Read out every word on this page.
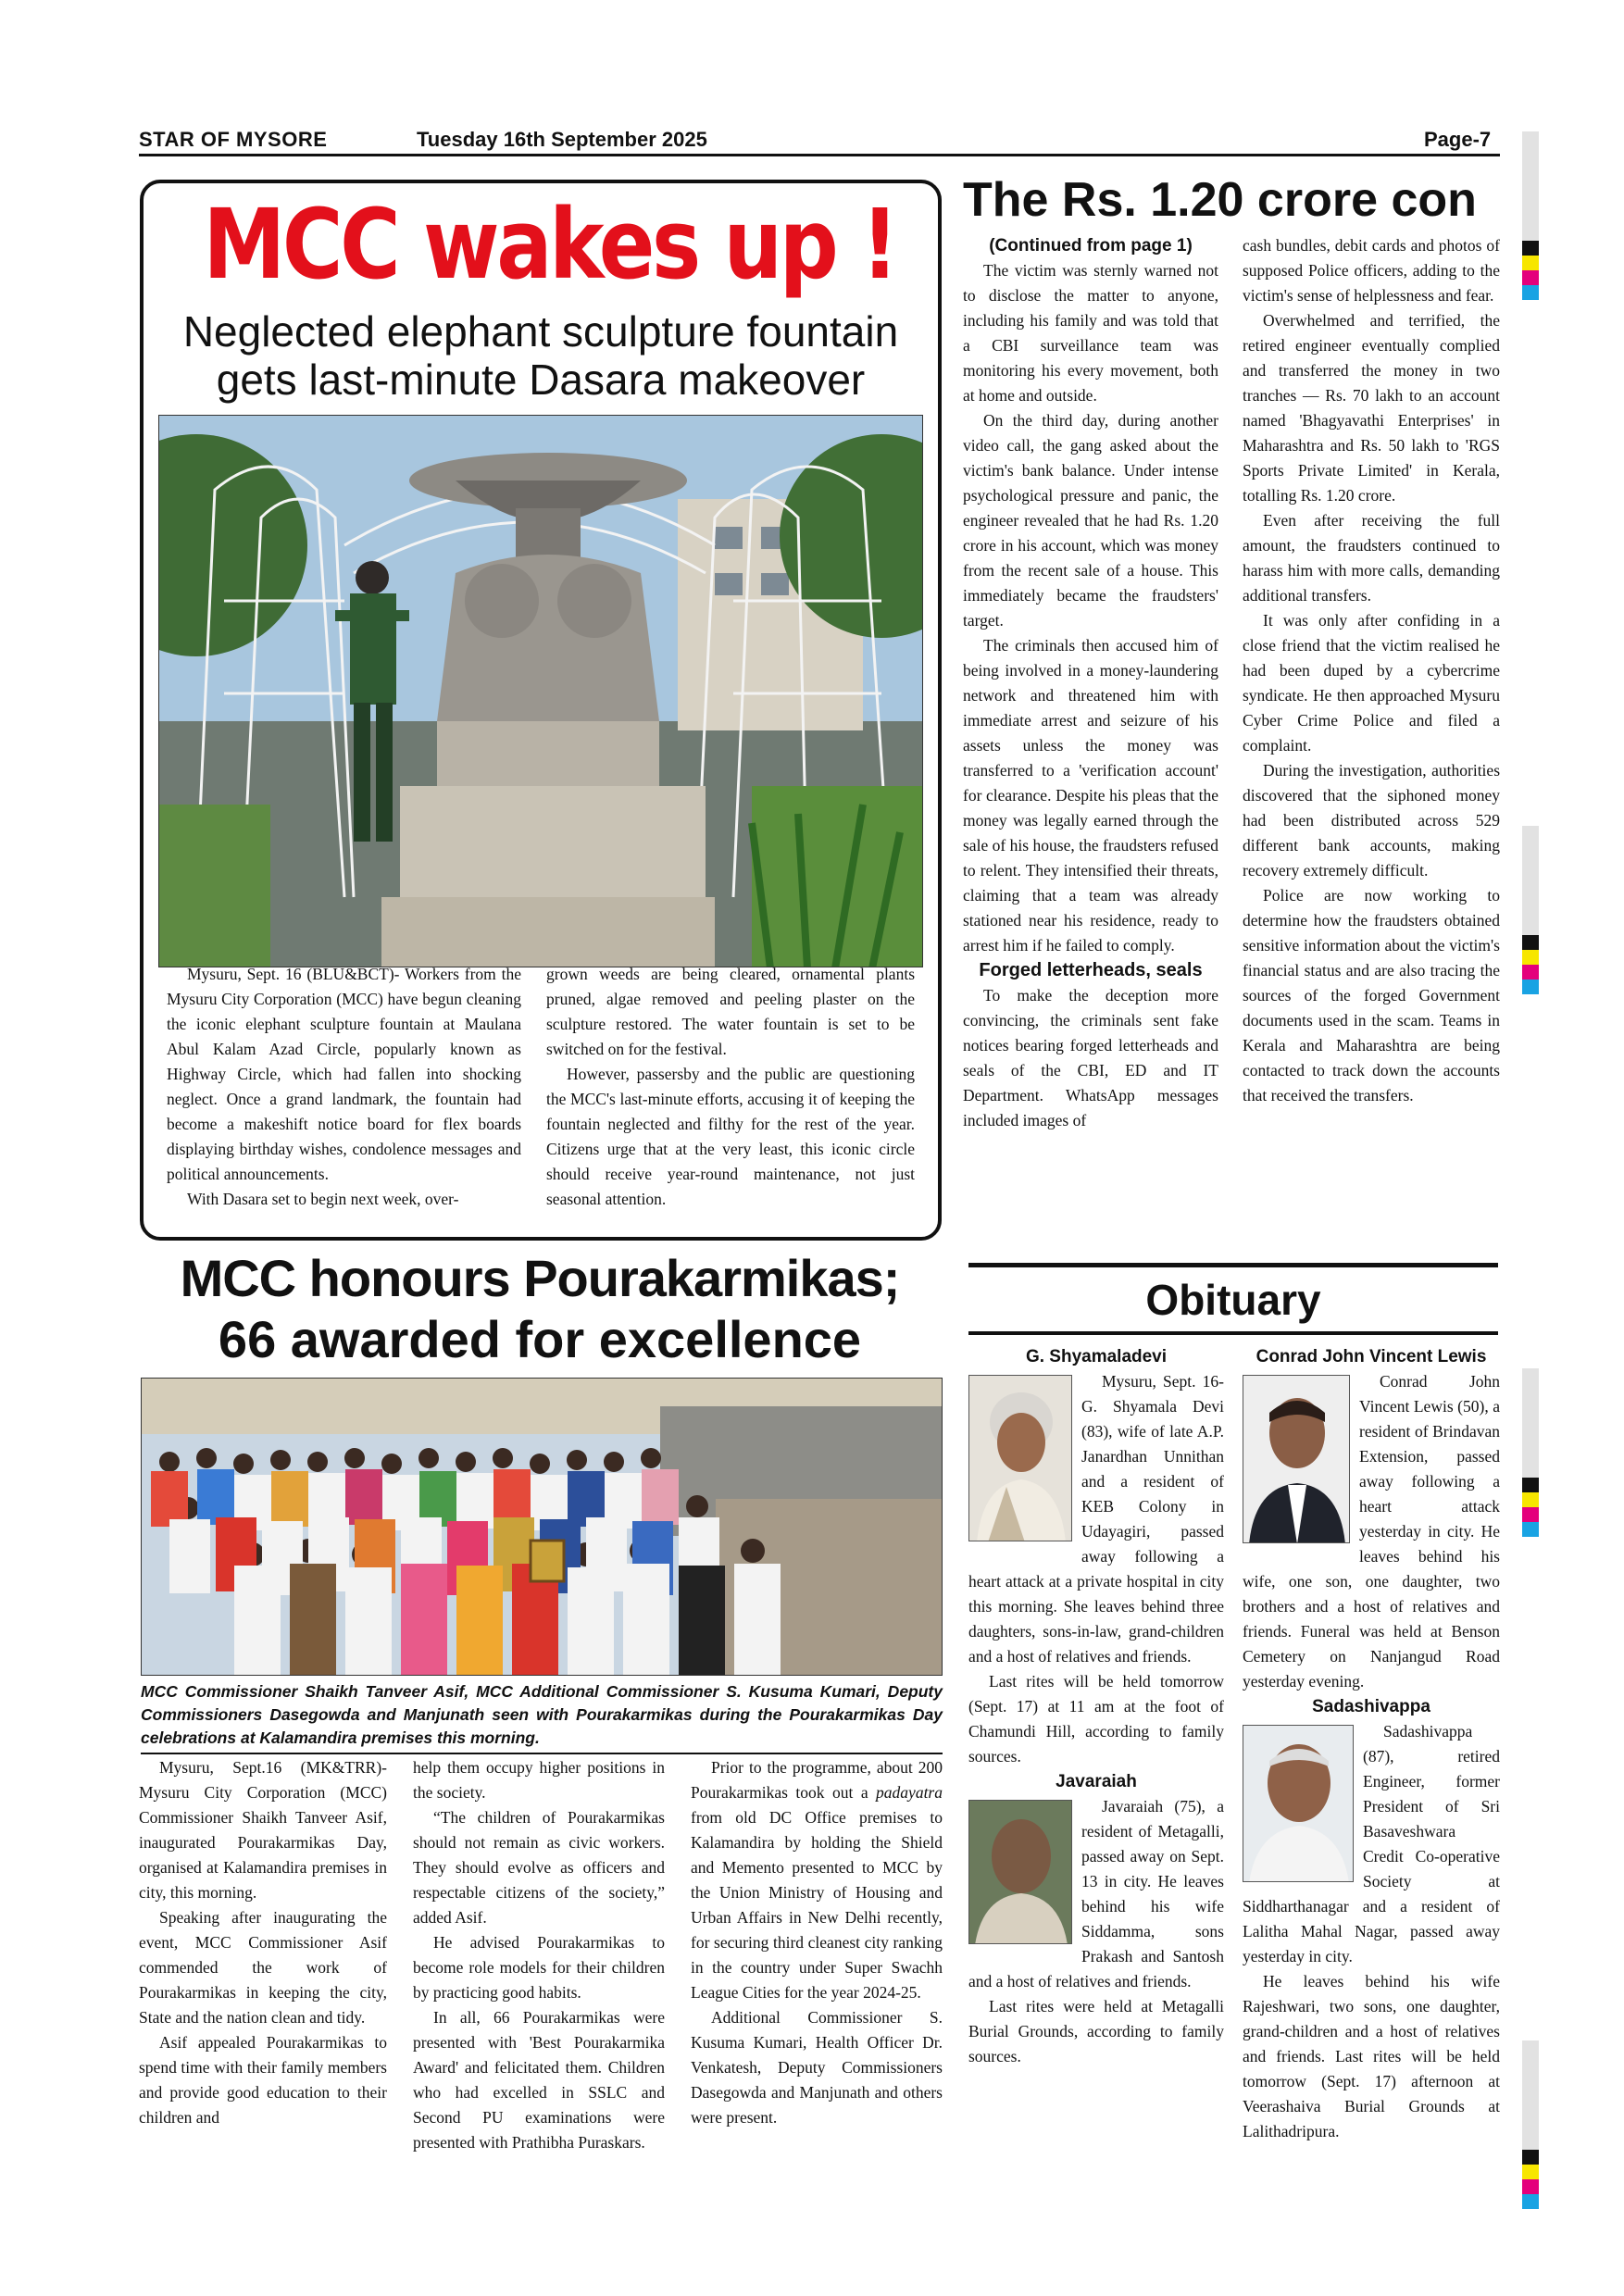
STAR OF MYSORE	Tuesday 16th September 2025	Page-7
MCC wakes up !
Neglected elephant sculpture fountain
gets last-minute Dasara makeover

Mysuru, Sept. 16 (BLU&BCT)- Workers from the Mysuru City Corporation (MCC) have begun cleaning the iconic elephant sculpture fountain at Maulana Abul Kalam Azad Circle, popularly known as Highway Circle, which had fallen into shocking neglect. Once a grand landmark, the fountain had become a makeshift notice board for flex boards displaying birthday wishes, condolence messages and political announcements.

With Dasara set to begin next week, over-

grown weeds are being cleared, ornamental plants pruned, algae removed and peeling plaster on the sculpture restored. The water fountain is set to be switched on for the festival.

However, passersby and the public are questioning the MCC's last-minute efforts, accusing it of keeping the fountain neglected and filthy for the rest of the year. Citizens urge that at the very least, this iconic circle should receive year-round maintenance, not just seasonal attention.

The Rs. 1.20 crore con
(Continued from page 1)

The victim was sternly warned not to disclose the matter to anyone, including his family and was told that a CBI surveillance team was monitoring his every movement, both at home and outside.

On the third day, during another video call, the gang asked about the victim's bank balance. Under intense psychological pressure and panic, the engineer revealed that he had Rs. 1.20 crore in his account, which was money from the recent sale of a house. This immediately became the fraudsters' target.

The criminals then accused him of being involved in a money-laundering network and threatened him with immediate arrest and seizure of his assets unless the money was transferred to a 'verification account' for clearance. Despite his pleas that the money was legally earned through the sale of his house, the fraudsters refused to relent. They intensified their threats, claiming that a team was already stationed near his residence, ready to arrest him if he failed to comply.

Forged letterheads, seals

To make the deception more convincing, the criminals sent fake notices bearing forged letterheads and seals of the CBI, ED and IT Department. WhatsApp messages included images of

cash bundles, debit cards and photos of supposed Police officers, adding to the victim's sense of helplessness and fear.

Overwhelmed and terrified, the retired engineer eventually complied and transferred the money in two tranches — Rs. 70 lakh to an account named 'Bhagyavathi Enterprises' in Maharashtra and Rs. 50 lakh to 'RGS Sports Private Limited' in Kerala, totalling Rs. 1.20 crore.

Even after receiving the full amount, the fraudsters continued to harass him with more calls, demanding additional transfers.

It was only after confiding in a close friend that the victim realised he had been duped by a cybercrime syndicate. He then approached Mysuru Cyber Crime Police and filed a complaint.

During the investigation, authorities discovered that the siphoned money had been distributed across 529 different bank accounts, making recovery extremely difficult.

Police are now working to determine how the fraudsters obtained sensitive information about the victim's financial status and are also tracing the sources of the forged Government documents used in the scam. Teams in Kerala and Maharashtra are being contacted to track down the accounts that received the transfers.

Obituary
G. Shyamaladevi

Mysuru, Sept. 16- G. Shyamala Devi (83), wife of late A.P. Janardhan Unnithan and a resident of KEB Colony in Udayagiri, passed away following a heart attack at a private hospital in city this morning. She leaves behind three daughters, sons-in-law, grand-children and a host of relatives and friends.

Last rites will be held tomorrow (Sept. 17) at 11 am at the foot of Chamundi Hill, according to family sources.

Javaraiah

Javaraiah (75), a resident of Metagalli, passed away on Sept. 13 in city. He leaves behind his wife Siddamma, sons Prakash and Santosh and a host of relatives and friends.

Last rites were held at Metagalli Burial Grounds, according to family sources.

Conrad John Vincent Lewis

Conrad John Vincent Lewis (50), a resident of Brindavan Extension, passed away following a heart attack yesterday in city. He leaves behind his wife, one son, one daughter, two brothers and a host of relatives and friends. Funeral was held at Benson Cemetery on Nanjangud Road yesterday evening.

Sadashivappa

Sadashivappa (87), retired Engineer, former President of Sri Basaveshwara Credit Co-operative Society at Siddharthanagar and a resident of Lalitha Mahal Nagar, passed away yesterday in city.

He leaves behind his wife Rajeshwari, two sons, one daughter, grand-children and a host of relatives and friends. Last rites will be held tomorrow (Sept. 17) afternoon at Veerashaiva Burial Grounds at Lalithadripura.

MCC honours Pourakarmikas;
66 awarded for excellence
MCC Commissioner Shaikh Tanveer Asif, MCC Additional Commissioner S. Kusuma Kumari, Deputy Commissioners Dasegowda and Manjunath seen with Pourakarmikas during the Pourakarmikas Day celebrations at Kalamandira premises this morning.

Mysuru, Sept.16 (MK&TRR)- Mysuru City Corporation (MCC) Commissioner Shaikh Tanveer Asif, inaugurated Pourakarmikas Day, organised at Kalamandira premises in city, this morning.

Speaking after inaugurating the event, MCC Commissioner Asif commended the work of Pourakarmikas in keeping the city, State and the nation clean and tidy.

Asif appealed Pourakarmikas to spend time with their family members and provide good education to their children and

help them occupy higher positions in the society.

“The children of Pourakarmikas should not remain as civic workers. They should evolve as officers and respectable citizens of the society,” added Asif.

He advised Pourakarmikas to become role models for their children by practicing good habits.

In all, 66 Pourakarmikas were presented with 'Best Pourakarmika Award' and felicitated them. Children who had excelled in SSLC and Second PU examinations were presented with Prathibha Puraskars.

Prior to the programme, about 200 Pourakarmikas took out a padayatra from old DC Office premises to Kalamandira by holding the Shield and Memento presented to MCC by the Union Ministry of Housing and Urban Affairs in New Delhi recently, for securing third cleanest city ranking in the country under Super Swachh League Cities for the year 2024-25.

Additional Commissioner S. Kusuma Kumari, Health Officer Dr. Venkatesh, Deputy Commissioners Dasegowda and Manjunath and others were present.
